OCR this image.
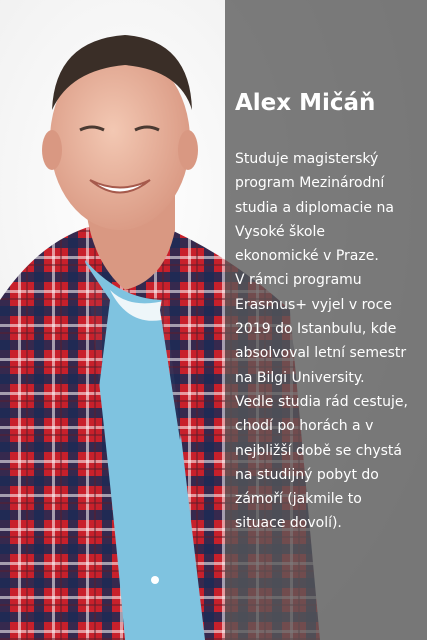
Alex Mičáň
Studuje magisterský
program Mezinárodní
studia a diplomacie na
Vysoké škole
ekonomické v Praze.
V rámci programu
Erasmus+ vyjel v roce
2019 do Istanbulu, kde
absolvoval letní semestr
na Bilgi University.
Vedle studia rád cestuje,
chodí po horách a v
nejbližší době se chystá
na studijný pobyt do
zámoří (jakmile to
situace dovolí).
